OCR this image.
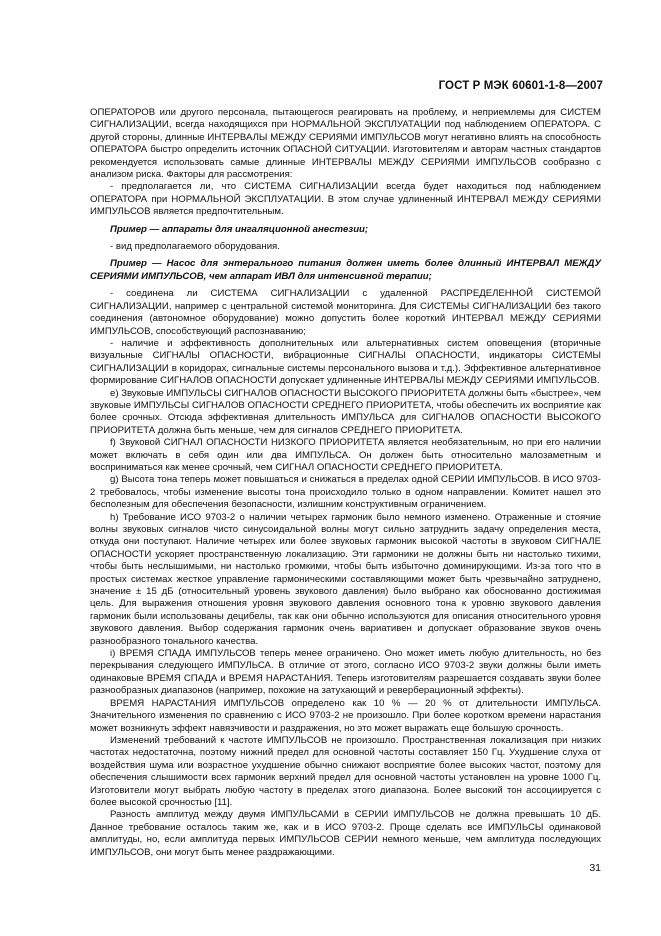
ГОСТ Р МЭК 60601-1-8—2007

ОПЕРАТОРОВ или другого персонала, пытающегося реагировать на проблему, и неприемлемы для СИСТЕМ СИГНАЛИЗАЦИИ, всегда находящихся при НОРМАЛЬНОЙ ЭКСПЛУАТАЦИИ под наблюдением ОПЕРАТОРА. С другой стороны, длинные ИНТЕРВАЛЫ МЕЖДУ СЕРИЯМИ ИМПУЛЬСОВ могут негативно влиять на способность ОПЕРАТОРА быстро определить источник ОПАСНОЙ СИТУАЦИИ. Изготовителям и авторам частных стандартов рекомендуется использовать самые длинные ИНТЕРВАЛЫ МЕЖДУ СЕРИЯМИ ИМПУЛЬСОВ сообразно с анализом риска. Факторы для рассмотрения:

- предполагается ли, что СИСТЕМА СИГНАЛИЗАЦИИ всегда будет находиться под наблюдением ОПЕРАТОРА при НОРМАЛЬНОЙ ЭКСПЛУАТАЦИИ. В этом случае удлиненный ИНТЕРВАЛ МЕЖДУ СЕРИЯМИ ИМПУЛЬСОВ является предпочтительным.

Пример — аппараты для ингаляционной анестезии;

- вид предполагаемого оборудования.

Пример — Насос для энтерального питания должен иметь более длинный ИНТЕРВАЛ МЕЖДУ СЕРИЯМИ ИМПУЛЬСОВ, чем аппарат ИВЛ для интенсивной терапии;

- соединена ли СИСТЕМА СИГНАЛИЗАЦИИ с удаленной РАСПРЕДЕЛЕННОЙ СИСТЕМОЙ СИГНАЛИЗАЦИИ, например с центральной системой мониторинга. Для СИСТЕМЫ СИГНАЛИЗАЦИИ без такого соединения (автономное оборудование) можно допустить более короткий ИНТЕРВАЛ МЕЖДУ СЕРИЯМИ ИМПУЛЬСОВ, способствующий распознаванию;

- наличие и эффективность дополнительных или альтернативных систем оповещения (вторичные визуальные СИГНАЛЫ ОПАСНОСТИ, вибрационные СИГНАЛЫ ОПАСНОСТИ, индикаторы СИСТЕМЫ СИГНАЛИЗАЦИИ в коридорах, сигнальные системы персонального вызова и т.д.). Эффективное альтернативное формирование СИГНАЛОВ ОПАСНОСТИ допускает удлиненные ИНТЕРВАЛЫ МЕЖДУ СЕРИЯМИ ИМПУЛЬСОВ.

e) Звуковые ИМПУЛЬСЫ СИГНАЛОВ ОПАСНОСТИ ВЫСОКОГО ПРИОРИТЕТА должны быть «быстрее», чем звуковые ИМПУЛЬСЫ СИГНАЛОВ ОПАСНОСТИ СРЕДНЕГО ПРИОРИТЕТА, чтобы обеспечить их восприятие как более срочных. Отсюда эффективная длительность ИМПУЛЬСА для СИГНАЛОВ ОПАСНОСТИ ВЫСОКОГО ПРИОРИТЕТА должна быть меньше, чем для сигналов СРЕДНЕГО ПРИОРИТЕТА.

f) Звуковой СИГНАЛ ОПАСНОСТИ НИЗКОГО ПРИОРИТЕТА является необязательным, но при его наличии может включать в себя один или два ИМПУЛЬСА. Он должен быть относительно малозаметным и восприниматься как менее срочный, чем СИГНАЛ ОПАСНОСТИ СРЕДНЕГО ПРИОРИТЕТА.

g) Высота тона теперь может повышаться и снижаться в пределах одной СЕРИИ ИМПУЛЬСОВ. В ИСО 9703-2 требовалось, чтобы изменение высоты тона происходило только в одном направлении. Комитет нашел это бесполезным для обеспечения безопасности, излишним конструктивным ограничением.

h) Требование ИСО 9703-2 о наличии четырех гармоник было немного изменено. Отраженные и стоячие волны звуковых сигналов чисто синусоидальной волны могут сильно затруднить задачу определения места, откуда они поступают. Наличие четырех или более звуковых гармоник высокой частоты в звуковом СИГНАЛЕ ОПАСНОСТИ ускоряет пространственную локализацию. Эти гармоники не должны быть ни настолько тихими, чтобы быть неслышимыми, ни настолько громкими, чтобы быть избыточно доминирующими. Из-за того что в простых системах жесткое управление гармоническими составляющими может быть чрезвычайно затруднено, значение ± 15 дБ (относительный уровень звукового давления) было выбрано как обоснованно достижимая цель. Для выражения отношения уровня звукового давления основного тона к уровню звукового давления гармоник были использованы децибелы, так как они обычно используются для описания относительного уровня звукового давления. Выбор содержания гармоник очень вариативен и допускает образование звуков очень разнообразного тонального качества.

i) ВРЕМЯ СПАДА ИМПУЛЬСОВ теперь менее ограничено. Оно может иметь любую длительность, но без перекрывания следующего ИМПУЛЬСА. В отличие от этого, согласно ИСО 9703-2 звуки должны были иметь одинаковые ВРЕМЯ СПАДА и ВРЕМЯ НАРАСТАНИЯ. Теперь изготовителям разрешается создавать звуки более разнообразных диапазонов (например, похожие на затухающий и реверберационный эффекты).

ВРЕМЯ НАРАСТАНИЯ ИМПУЛЬСОВ определено как 10 % — 20 % от длительности ИМПУЛЬСА. Значительного изменения по сравнению с ИСО 9703-2 не произошло. При более коротком времени нарастания может возникнуть эффект навязчивости и раздражения, но это может выражать еще большую срочность.

Изменений требований к частоте ИМПУЛЬСОВ не произошло. Пространственная локализация при низких частотах недостаточна, поэтому нижний предел для основной частоты составляет 150 Гц. Ухудшение слуха от воздействия шума или возрастное ухудшение обычно снижают восприятие более высоких частот, поэтому для обеспечения слышимости всех гармоник верхний предел для основной частоты установлен на уровне 1000 Гц. Изготовители могут выбрать любую частоту в пределах этого диапазона. Более высокий тон ассоциируется с более высокой срочностью [11].

Разность амплитуд между двумя ИМПУЛЬСАМИ в СЕРИИ ИМПУЛЬСОВ не должна превышать 10 дБ. Данное требование осталось таким же, как и в ИСО 9703-2. Проще сделать все ИМПУЛЬСЫ одинаковой амплитуды, но, если амплитуда первых ИМПУЛЬСОВ СЕРИИ немного меньше, чем амплитуда последующих ИМПУЛЬСОВ, они могут быть менее раздражающими.

31
